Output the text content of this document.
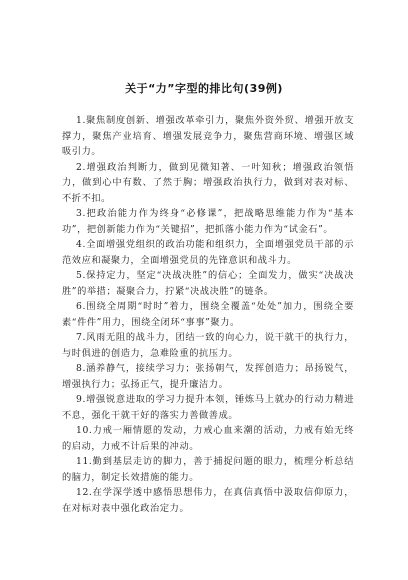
关于“力”字型的排比句(39例)

1.聚焦制度创新、增强改革牵引力，聚焦外资外贸、增强开放支撑力，聚焦产业培育、增强发展竞争力，聚焦营商环境、增强区域吸引力。

2.增强政治判断力，做到见微知著、一叶知秋；增强政治领悟力，做到心中有数、了然于胸；增强政治执行力，做到对表对标、不折不扣。

3.把政治能力作为终身“必修课”，把战略思维能力作为“基本功”，把创新能力作为“关键招”，把抓落小能力作为“试金石”。

4.全面增强党组织的政治功能和组织力，全面增强党员干部的示范效应和凝聚力，全面增强党员的先锋意识和战斗力。

5.保持定力，坚定“决战决胜”的信心；全面发力，做实“决战决胜”的举措；凝聚合力，拧紧“决战决胜”的链条。

6.围绕全周期“时时”着力，围绕全覆盖“处处”加力，围绕全要素“件件”用力，围绕全闭环“事事”聚力。

7.风雨无阻的战斗力，团结一致的向心力，说干就干的执行力，与时俱进的创造力，急难险重的抗压力。

8.涵养静气，接续学习力；张扬朝气，发挥创造力；昂扬锐气，增强执行力；弘扬正气，提升廉洁力。

9.增强锐意进取的学习力提升本领，锤炼马上就办的行动力精进不息，强化干就干好的落实力善做善成。

10.力戒一厢情愿的发动，力戒心血来潮的活动，力戒有始无终的启动，力戒不计后果的冲动。

11.勤到基层走访的脚力，善于捕捉问题的眼力，梳理分析总结的脑力，制定长效措施的能力。

12.在学深学透中感悟思想伟力，在真信真悟中汲取信仰原力，在对标对表中强化政治定力。
